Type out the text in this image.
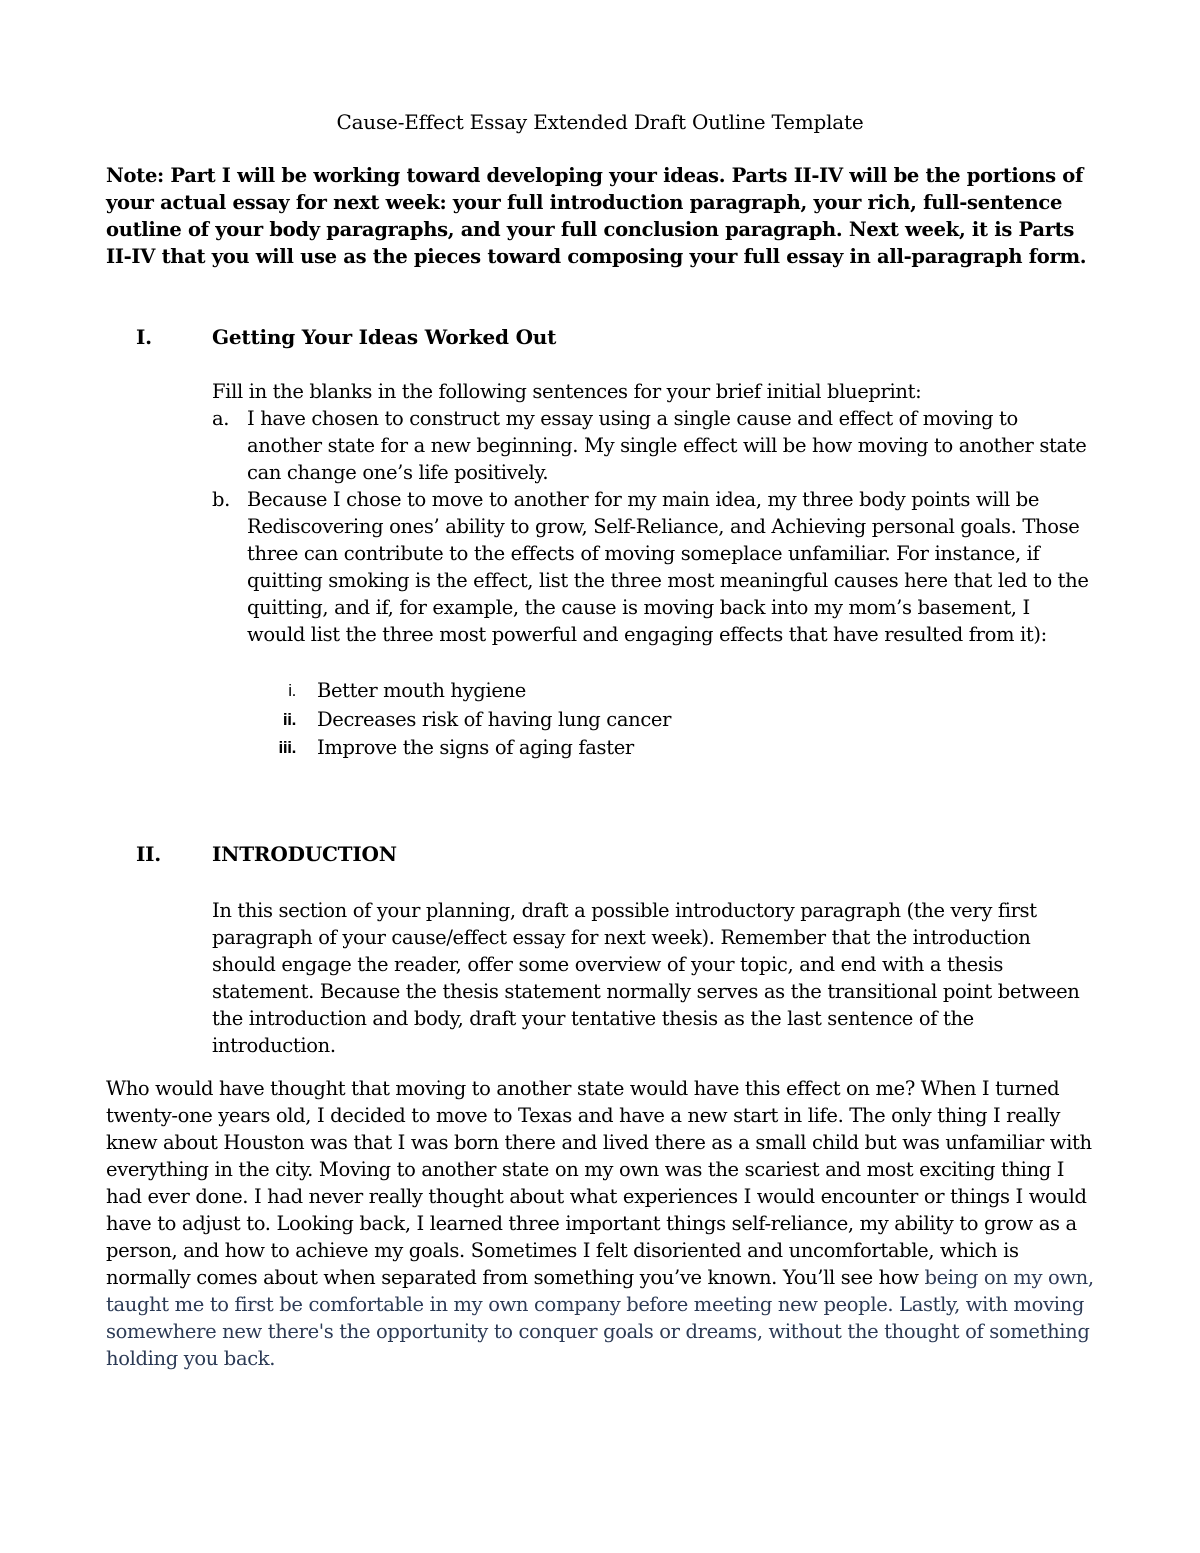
Cause-Effect Essay Extended Draft Outline Template

Note: Part I will be working toward developing your ideas. Parts II-IV will be the portions of your actual essay for next week: your full introduction paragraph, your rich, full-sentence outline of your body paragraphs, and your full conclusion paragraph. Next week, it is Parts II-IV that you will use as the pieces toward composing your full essay in all-paragraph form.

I.	Getting Your Ideas Worked Out

Fill in the blanks in the following sentences for your brief initial blueprint:

a. I have chosen to construct my essay using a single cause and effect of moving to another state for a new beginning. My single effect will be how moving to another state can change one’s life positively.
b. Because I chose to move to another for my main idea, my three body points will be Rediscovering ones’ ability to grow, Self-Reliance, and Achieving personal goals. Those three can contribute to the effects of moving someplace unfamiliar. For instance, if quitting smoking is the effect, list the three most meaningful causes here that led to the quitting, and if, for example, the cause is moving back into my mom’s basement, I would list the three most powerful and engaging effects that have resulted from it):
i. Better mouth hygiene
ii. Decreases risk of having lung cancer
iii. Improve the signs of aging faster
II.	INTRODUCTION

In this section of your planning, draft a possible introductory paragraph (the very first paragraph of your cause/effect essay for next week). Remember that the introduction should engage the reader, offer some overview of your topic, and end with a thesis statement. Because the thesis statement normally serves as the transitional point between the introduction and body, draft your tentative thesis as the last sentence of the introduction.

Who would have thought that moving to another state would have this effect on me? When I turned twenty-one years old, I decided to move to Texas and have a new start in life. The only thing I really knew about Houston was that I was born there and lived there as a small child but was unfamiliar with everything in the city. Moving to another state on my own was the scariest and most exciting thing I had ever done. I had never really thought about what experiences I would encounter or things I would have to adjust to. Looking back, I learned three important things self-reliance, my ability to grow as a person, and how to achieve my goals. Sometimes I felt disoriented and uncomfortable, which is normally comes about when separated from something you’ve known. You’ll see how being on my own, taught me to first be comfortable in my own company before meeting new people. Lastly, with moving somewhere new there's the opportunity to conquer goals or dreams, without the thought of something holding you back.
